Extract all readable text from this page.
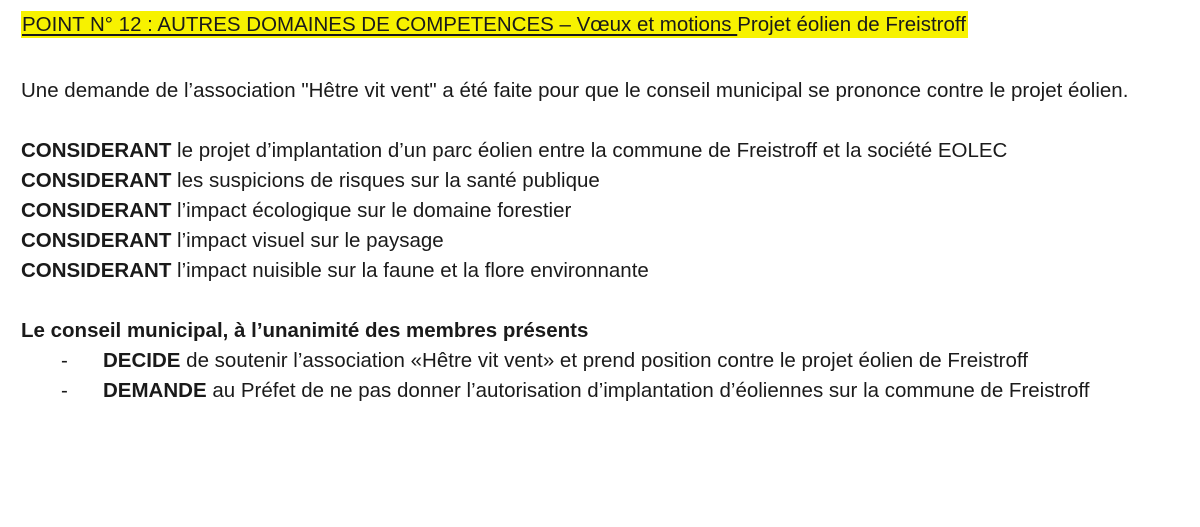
POINT N° 12 : AUTRES DOMAINES DE COMPETENCES – Vœux et motions Projet éolien de Freistroff

Une demande de l’association "Hêtre vit vent" a été faite pour que le conseil municipal se prononce contre le projet éolien.

CONSIDERANT le projet d’implantation d’un parc éolien entre la commune de Freistroff et la société EOLEC

CONSIDERANT les suspicions de risques sur la santé publique

CONSIDERANT l’impact écologique sur le domaine forestier

CONSIDERANT l’impact visuel sur le paysage

CONSIDERANT l’impact nuisible sur la faune et la flore environnante

Le conseil municipal, à l’unanimité des membres présents

- DECIDE de soutenir l’association «Hêtre vit vent» et prend position contre le projet éolien de Freistroff
- DEMANDE au Préfet de ne pas donner l’autorisation d’implantation d’éoliennes sur la commune de Freistroff
